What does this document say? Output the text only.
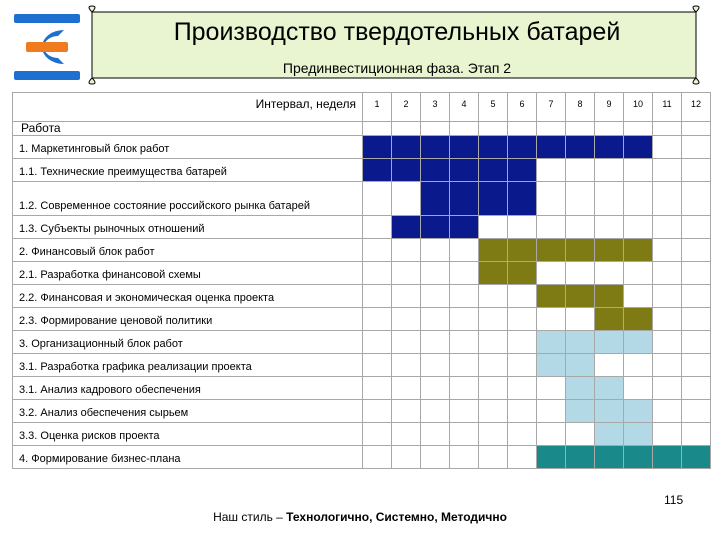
Производство твердотельных батарей
Прединвестиционная фаза. Этап 2
Интервал, неделя	1	2	3	4	5	6	7	8	9	10	11	12
Работа												
1. Маркетинговый блок работ												
1.1. Технические преимущества батарей												
1.2. Современное состояние российского рынка батарей												
1.3. Субъекты рыночных отношений												
2. Финансовый блок работ												
2.1. Разработка финансовой схемы												
2.2. Финансовая и экономическая оценка проекта												
2.3. Формирование ценовой политики												
3. Организационный блок работ												
3.1. Разработка графика реализации проекта												
3.1. Анализ кадрового обеспечения												
3.2. Анализ обеспечения сырьем												
3.3. Оценка рисков проекта												
4. Формирование бизнес-плана												
115
Наш стиль – Технологично, Системно, Методично
